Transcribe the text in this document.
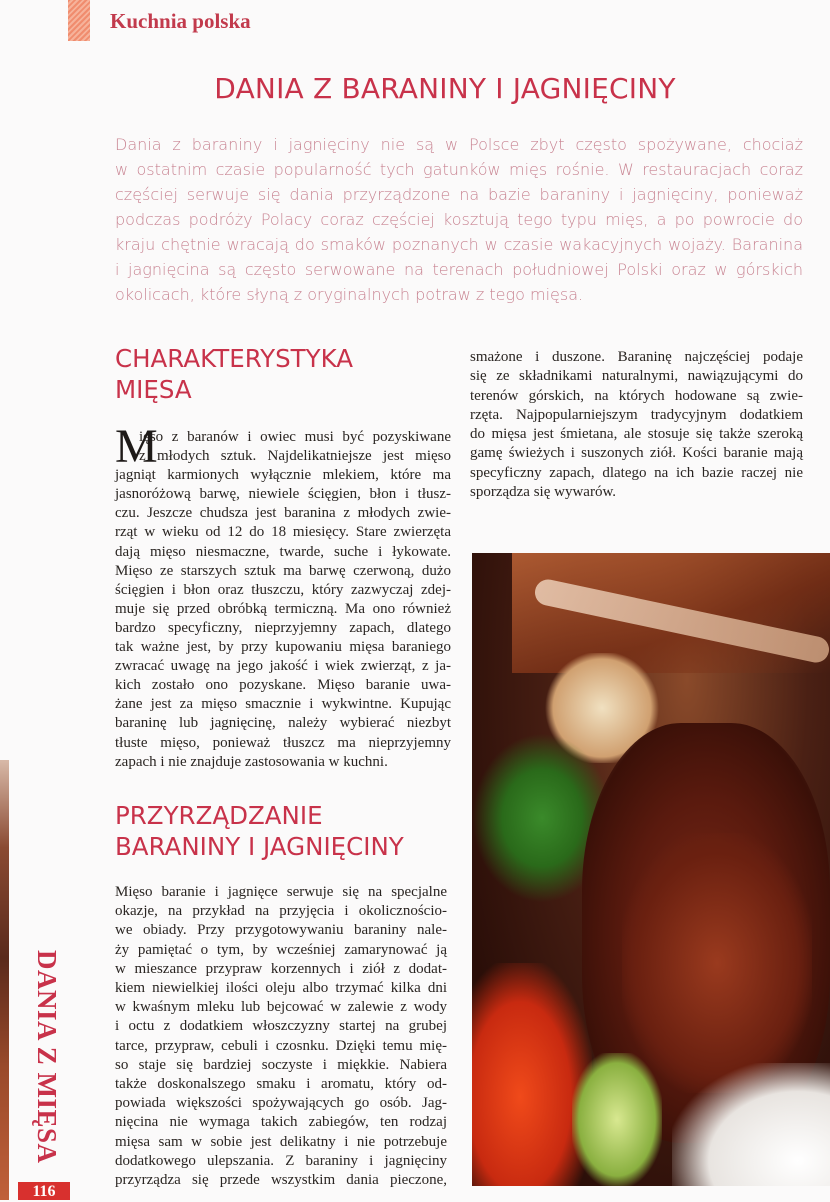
Kuchnia polska
DANIA Z BARANINY I JAGNIĘCINY
Dania z baraniny i jagnięciny nie są w Polsce zbyt często spożywane, chociaż
w ostatnim czasie popularność tych gatunków mięs rośnie. W restauracjach coraz
częściej serwuje się dania przyrządzone na bazie baraniny i jagnięciny, ponieważ
podczas podróży Polacy coraz częściej kosztują tego typu mięs, a po powrocie do
kraju chętnie wracają do smaków poznanych w czasie wakacyjnych wojaży. Baranina
i jagnięcina są często serwowane na terenach południowej Polski oraz w górskich
okolicach, które słyną z oryginalnych potraw z tego mięsa.
CHARAKTERYSTYKA
MIĘSA
M
ięso z baranów i owiec musi być pozyskiwane
z młodych sztuk. Najdelikatniejsze jest mięso
jagniąt karmionych wyłącznie mlekiem, które ma
jasnoróżową barwę, niewiele ścięgien, błon i tłusz-
czu. Jeszcze chudsza jest baranina z młodych zwie-
rząt w wieku od 12 do 18 miesięcy. Stare zwierzęta
dają mięso niesmaczne, twarde, suche i łykowate.
Mięso ze starszych sztuk ma barwę czerwoną, dużo
ścięgien i błon oraz tłuszczu, który zazwyczaj zdej-
muje się przed obróbką termiczną. Ma ono również
bardzo specyficzny, nieprzyjemny zapach, dlatego
tak ważne jest, by przy kupowaniu mięsa baraniego
zwracać uwagę na jego jakość i wiek zwierząt, z ja-
kich zostało ono pozyskane. Mięso baranie uwa-
żane jest za mięso smacznie i wykwintne. Kupując
baraninę lub jagnięcinę, należy wybierać niezbyt
tłuste mięso, ponieważ tłuszcz ma nieprzyjemny
zapach i nie znajduje zastosowania w kuchni.
PRZYRZĄDZANIE
BARANINY I JAGNIĘCINY
Mięso baranie i jagnięce serwuje się na specjalne
okazje, na przykład na przyjęcia i okolicznościo-
we obiady. Przy przygotowywaniu baraniny nale-
ży pamiętać o tym, by wcześniej zamarynować ją
w mieszance przypraw korzennych i ziół z dodat-
kiem niewielkiej ilości oleju albo trzymać kilka dni
w kwaśnym mleku lub bejcować w zalewie z wody
i octu z dodatkiem włoszczyzny startej na grubej
tarce, przypraw, cebuli i czosnku. Dzięki temu mię-
so staje się bardziej soczyste i miękkie. Nabiera
także doskonalszego smaku i aromatu, który od-
powiada większości spożywających go osób. Jag-
nięcina nie wymaga takich zabiegów, ten rodzaj
mięsa sam w sobie jest delikatny i nie potrzebuje
dodatkowego ulepszania. Z baraniny i jagnięciny
przyrządza się przede wszystkim dania pieczone,
smażone i duszone. Baraninę najczęściej podaje
się ze składnikami naturalnymi, nawiązującymi do
terenów górskich, na których hodowane są zwie-
rzęta. Najpopularniejszym tradycyjnym dodatkiem
do mięsa jest śmietana, ale stosuje się także szeroką
gamę świeżych i suszonych ziół. Kości baranie mają
specyficzny zapach, dlatego na ich bazie raczej nie
sporządza się wywarów.
DANIA Z MIĘSA
116
